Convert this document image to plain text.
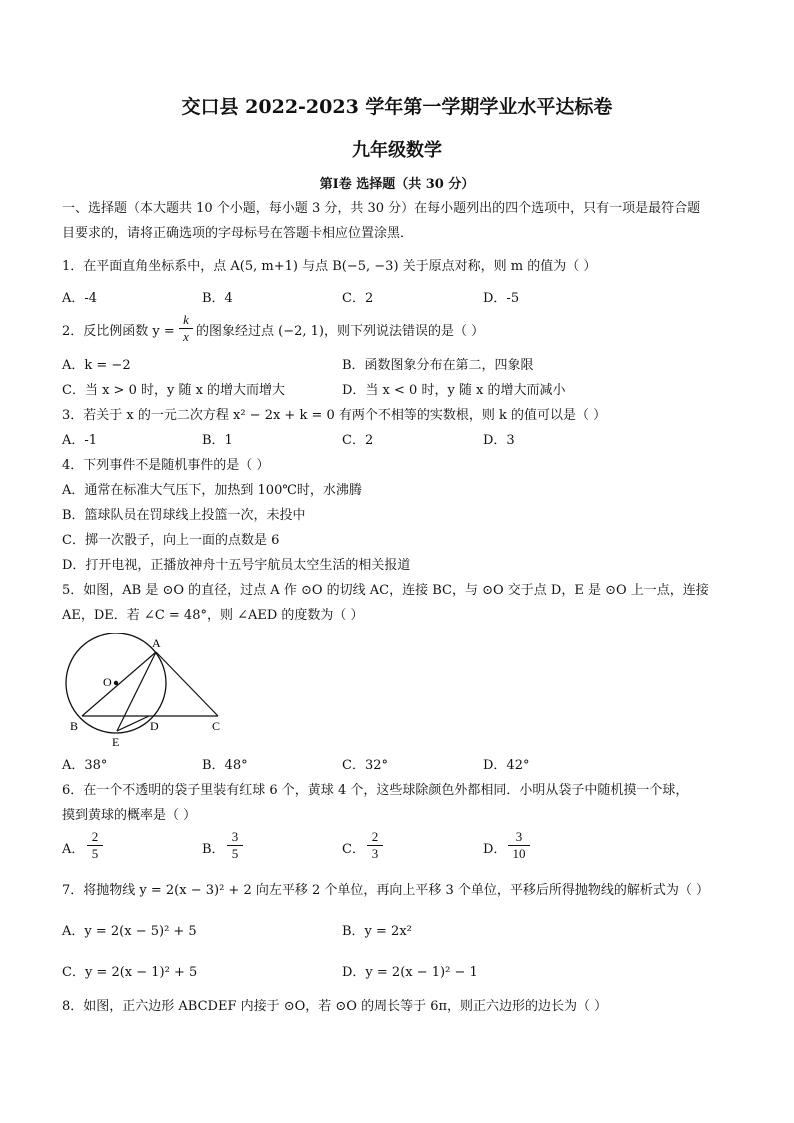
交口县 2022-2023 学年第一学期学业水平达标卷
九年级数学
第Ⅰ卷 选择题（共 30 分）
一、选择题（本大题共 10 个小题，每小题 3 分，共 30 分）在每小题列出的四个选项中，只有一项是最符合题
目要求的，请将正确选项的字母标号在答题卡相应位置涂黑．
1．在平面直角坐标系中，点 A(5, m+1) 与点 B(−5, −3) 关于原点对称，则 m 的值为（ ）
A．-4	B．4	C．2	D．-5
2．反比例函数 y =
k
x 的图象经过点 (−2, 1)，则下列说法错误的是（ ）
A．k = −2	B．函数图象分布在第二，四象限
C．当 x > 0 时，y 随 x 的增大而增大	D．当 x < 0 时，y 随 x 的增大而减小
3．若关于 x 的一元二次方程 x² − 2x + k = 0 有两个不相等的实数根，则 k 的值可以是（ ）
A．-1	B．1	C．2	D．3
4．下列事件不是随机事件的是（ ）
A．通常在标准大气压下，加热到 100℃时，水沸腾
B．篮球队员在罚球线上投篮一次，未投中
C．掷一次骰子，向上一面的点数是 6
D．打开电视，正播放神舟十五号宇航员太空生活的相关报道
5．如图，AB 是 ⊙O 的直径，过点 A 作 ⊙O 的切线 AC，连接 BC，与 ⊙O 交于点 D，E 是 ⊙O 上一点，连接
AE，DE．若 ∠C = 48°，则 ∠AED 的度数为（ ）
A
O
B
E
D	C
A．38°	B．48°	C．32°	D．42°
6．在一个不透明的袋子里装有红球 6 个，黄球 4 个，这些球除颜色外都相同．小明从袋子中随机摸一个球，
摸到黄球的概率是（ ）
A．
2
5	B．
3
5	C．
2
3	D．
3
10
7．将抛物线 y = 2(x − 3)² + 2 向左平移 2 个单位，再向上平移 3 个单位，平移后所得抛物线的解析式为（ ）
A．y = 2(x − 5)² + 5	B．y = 2x²
C．y = 2(x − 1)² + 5	D．y = 2(x − 1)² − 1
8．如图，正六边形 ABCDEF 内接于 ⊙O，若 ⊙O 的周长等于 6π，则正六边形的边长为（ ）
